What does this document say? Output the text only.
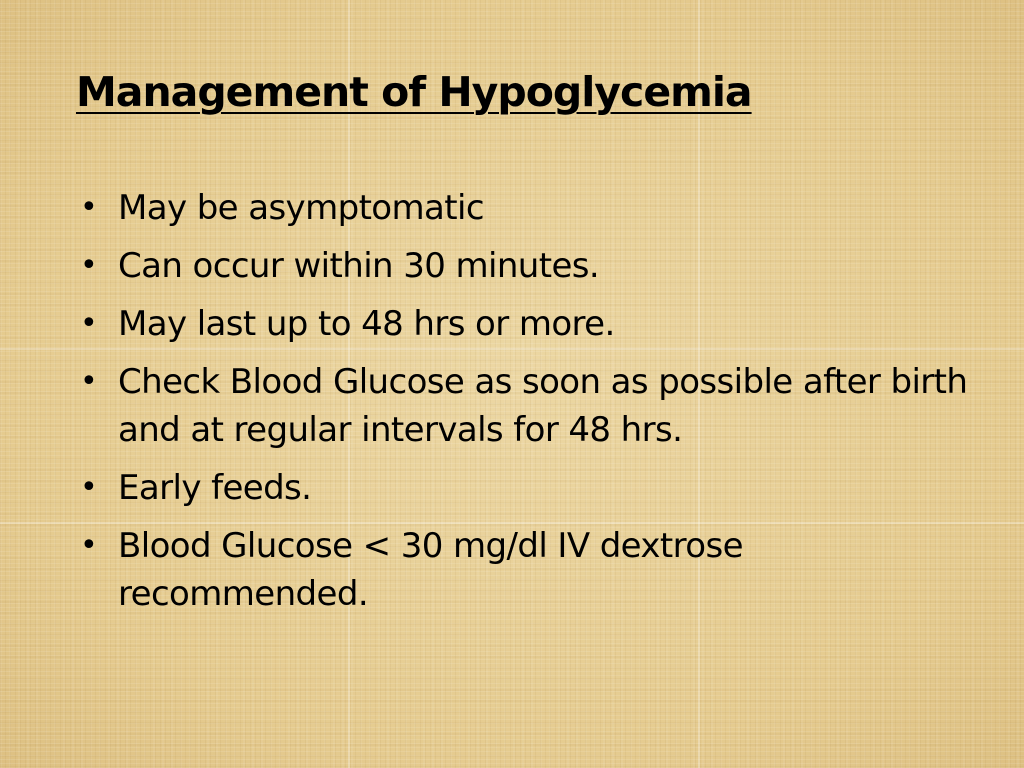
Management of Hypoglycemia
• May be asymptomatic
• Can occur within 30 minutes.
• May last up to 48 hrs or more.
• Check Blood Glucose as soon as possible after birth and at regular intervals for 48 hrs.
• Early feeds.
• Blood Glucose < 30 mg/dl IV dextrose recommended.
